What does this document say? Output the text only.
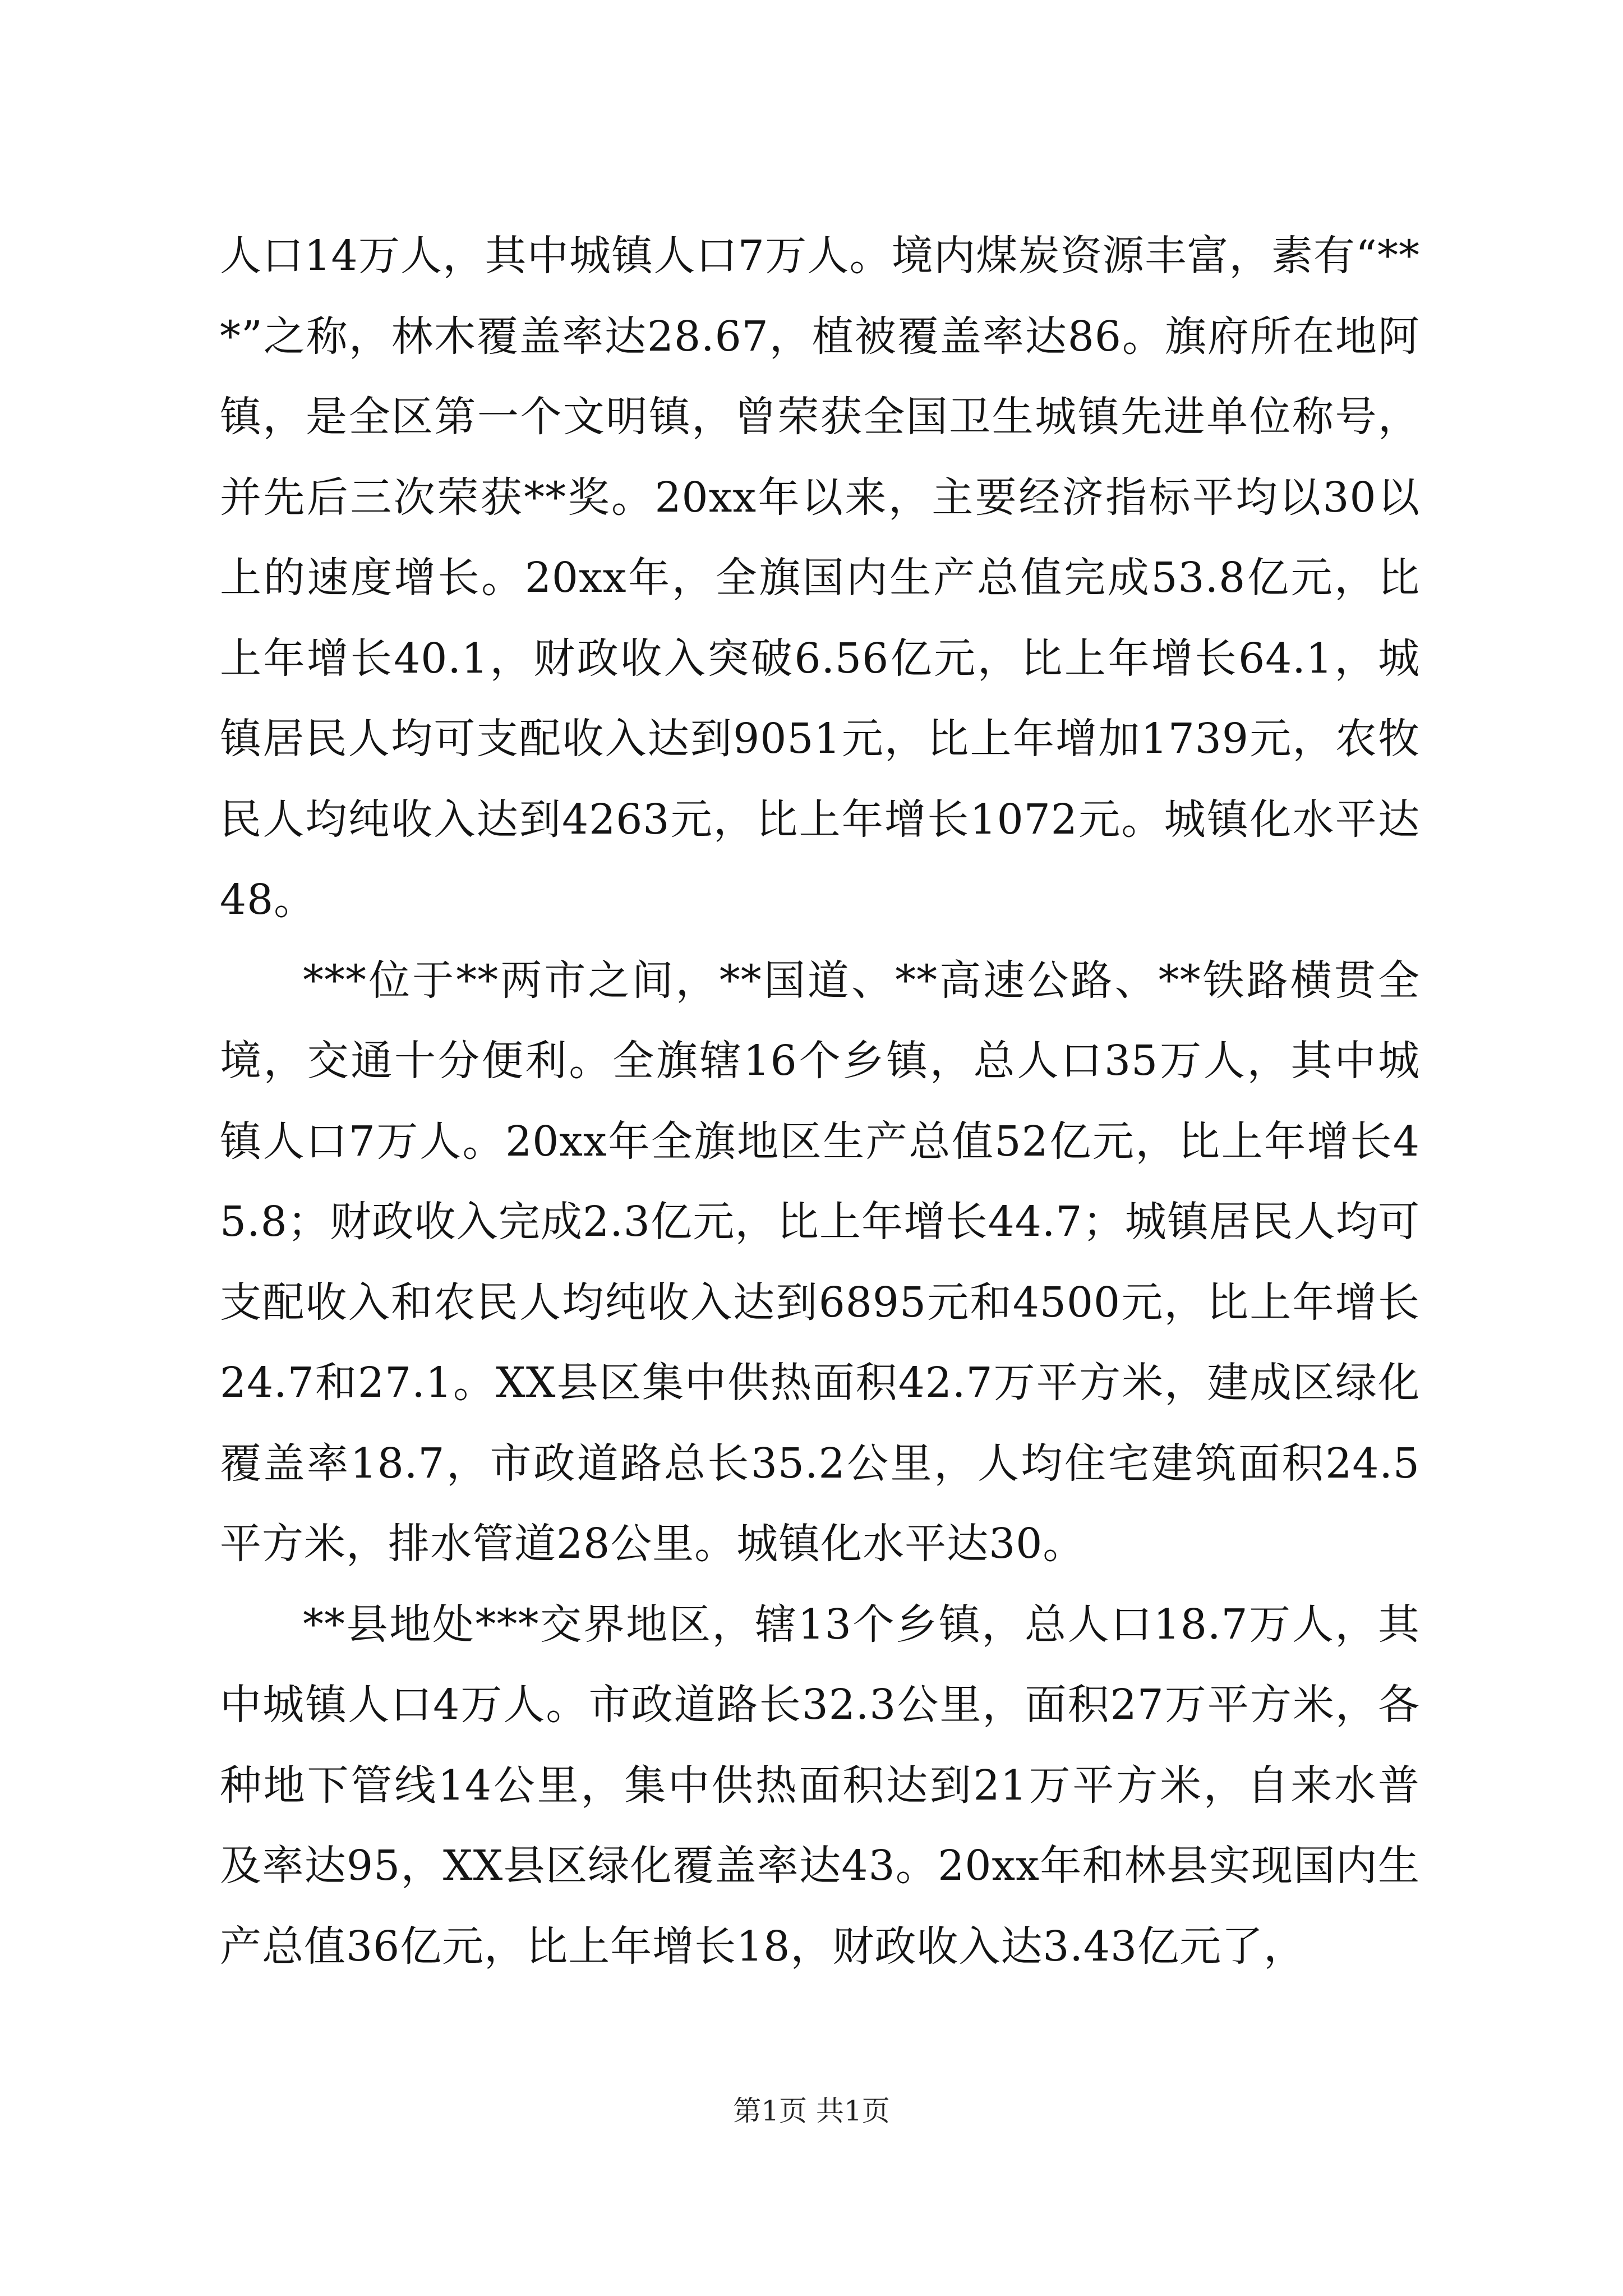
人口14万人，其中城镇人口7万人。境内煤炭资源丰富，素有“***”之称，林木覆盖率达28.67，植被覆盖率达86。旗府所在地阿镇，是全区第一个文明镇，曾荣获全国卫生城镇先进单位称号，并先后三次荣获**奖。20xx年以来，主要经济指标平均以30以上的速度增长。20xx年，全旗国内生产总值完成53.8亿元，比上年增长40.1，财政收入突破6.56亿元，比上年增长64.1，城镇居民人均可支配收入达到9051元，比上年增加1739元，农牧民人均纯收入达到4263元，比上年增长1072元。城镇化水平达48。

***位于**两市之间，**国道、**高速公路、**铁路横贯全境，交通十分便利。全旗辖16个乡镇，总人口35万人，其中城镇人口7万人。20xx年全旗地区生产总值52亿元，比上年增长45.8；财政收入完成2.3亿元，比上年增长44.7；城镇居民人均可支配收入和农民人均纯收入达到6895元和4500元，比上年增长24.7和27.1。XX县区集中供热面积42.7万平方米，建成区绿化覆盖率18.7，市政道路总长35.2公里，人均住宅建筑面积24.5平方米，排水管道28公里。城镇化水平达30。

**县地处***交界地区，辖13个乡镇，总人口18.7万人，其中城镇人口4万人。市政道路长32.3公里，面积27万平方米，各种地下管线14公里，集中供热面积达到21万平方米，自来水普及率达95，XX县区绿化覆盖率达43。20xx年和林县实现国内生产总值36亿元，比上年增长18，财政收入达3.43亿元了，

第1页 共1页
